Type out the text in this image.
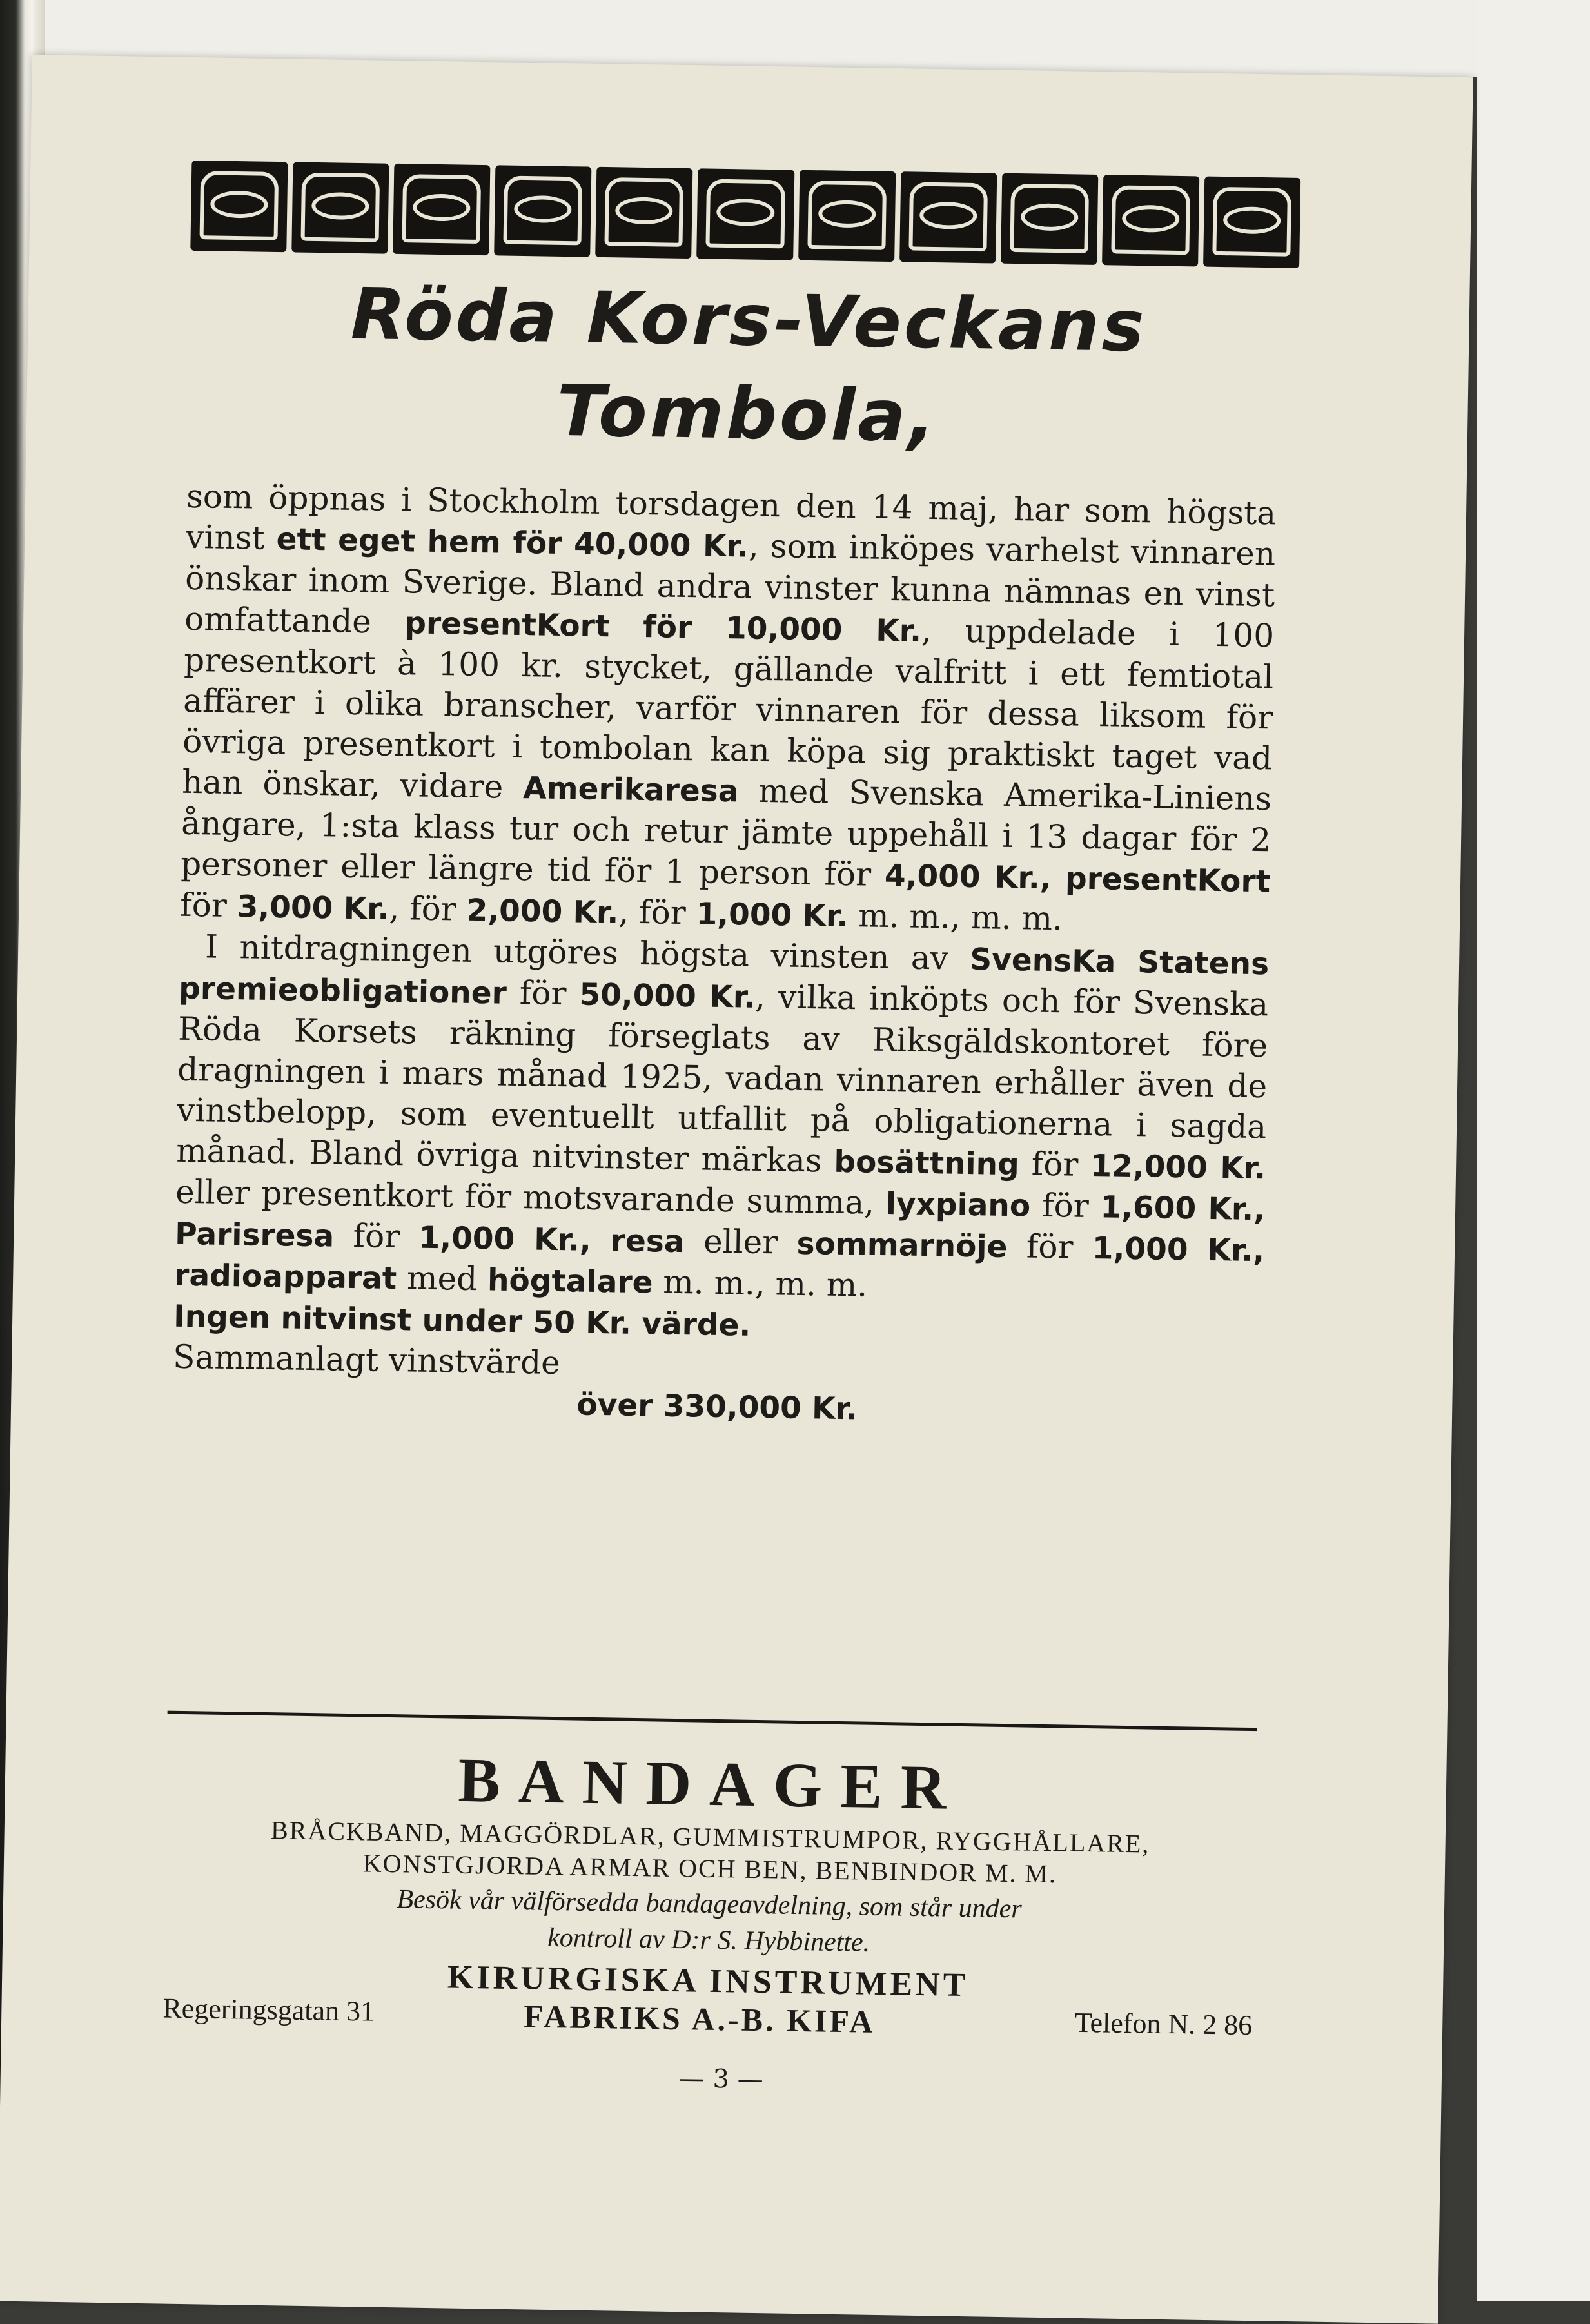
Röda Kors-Veckans
Tombola,

som öppnas i Stockholm torsdagen den 14 maj, har som högsta vinst ett eget hem för 40,000 Kr., som inköpes varhelst vinnaren önskar inom Sverige. Bland andra vinster kunna nämnas en vinst omfattande presentKort för 10,000 Kr., uppdelade i 100 presentkort à 100 kr. stycket, gällande valfritt i ett femtiotal affärer i olika branscher, varför vinnaren för dessa liksom för övriga presentkort i tombolan kan köpa sig praktiskt taget vad han önskar, vidare Amerikaresa med Svenska Amerika-Liniens ångare, 1:sta klass tur och retur jämte uppehåll i 13 dagar för 2 personer eller längre tid för 1 person för 4,000 Kr., presentKort för 3,000 Kr., för 2,000 Kr., för 1,000 Kr. m. m., m. m.

I nitdragningen utgöres högsta vinsten av SvensKa Statens premieobligationer för 50,000 Kr., vilka inköpts och för Svenska Röda Korsets räkning förseglats av Riksgäldskontoret före dragningen i mars månad 1925, vadan vinnaren erhåller även de vinstbelopp, som eventuellt utfallit på obligationerna i sagda månad. Bland övriga nitvinster märkas bosättning för 12,000 Kr. eller presentkort för motsvarande summa, lyxpiano för 1,600 Kr., Parisresa för 1,000 Kr., resa eller sommarnöje för 1,000 Kr., radioapparat med högtalare m. m., m. m.

Ingen nitvinst under 50 Kr. värde.

Sammanlagt vinstvärde

över 330,000 Kr.

BANDAGER
BRÅCKBAND, MAGGÖRDLAR, GUMMISTRUMPOR, RYGGHÅLLARE,
KONSTGJORDA ARMAR OCH BEN, BENBINDOR M. M.
Besök vår välförsedda bandageavdelning, som står under
kontroll av D:r S. Hybbinette.
KIRURGISKA INSTRUMENT
Regeringsgatan 31	FABRIKS A.-B. KIFA	Telefon N. 2 86
— 3 —
